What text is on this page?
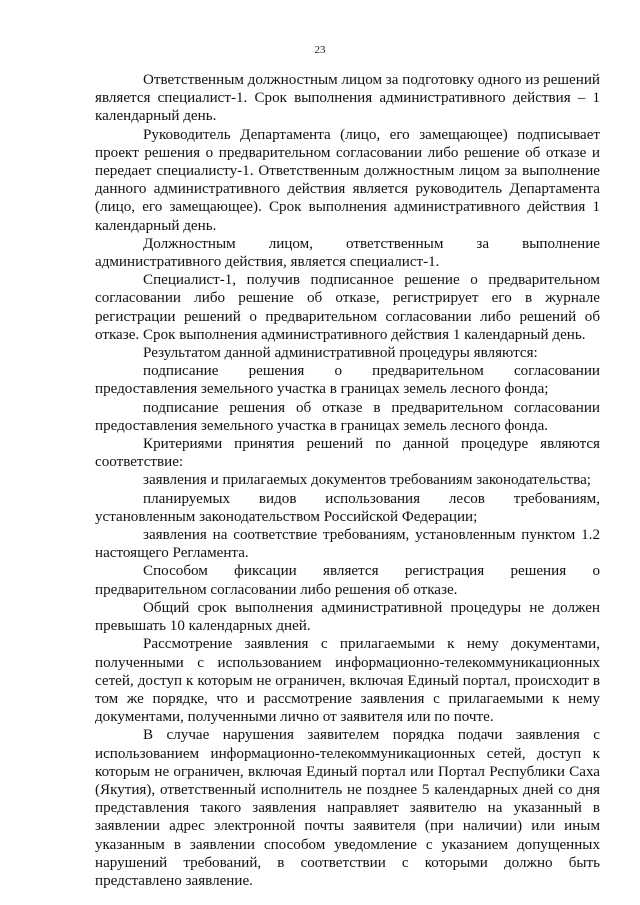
23

Ответственным должностным лицом за подготовку одного из решений является специалист-1. Срок выполнения административного действия – 1 календарный день.

Руководитель Департамента (лицо, его замещающее) подписывает проект решения о предварительном согласовании либо решение об отказе и передает специалисту-1. Ответственным должностным лицом за выполнение данного административного действия является руководитель Департамента (лицо, его замещающее). Срок выполнения административного действия 1 календарный день.

Должностным лицом, ответственным за выполнение административного действия, является специалист-1.

Специалист-1, получив подписанное решение о предварительном согласовании либо решение об отказе, регистрирует его в журнале регистрации решений о предварительном согласовании либо решений об отказе. Срок выполнения административного действия 1 календарный день.

Результатом данной административной процедуры являются:

подписание решения о предварительном согласовании предоставления земельного участка в границах земель лесного фонда;

подписание решения об отказе в предварительном согласовании предоставления земельного участка в границах земель лесного фонда.

Критериями принятия решений по данной процедуре являются соответствие:

заявления и прилагаемых документов требованиям законодательства;

планируемых видов использования лесов требованиям, установленным законодательством Российской Федерации;

заявления на соответствие требованиям, установленным пунктом 1.2 настоящего Регламента.

Способом фиксации является регистрация решения о предварительном согласовании либо решения об отказе.

Общий срок выполнения административной процедуры не должен превышать 10 календарных дней.

Рассмотрение заявления с прилагаемыми к нему документами, полученными с использованием информационно-телекоммуникационных сетей, доступ к которым не ограничен, включая Единый портал, происходит в том же порядке, что и рассмотрение заявления с прилагаемыми к нему документами, полученными лично от заявителя или по почте.

В случае нарушения заявителем порядка подачи заявления с использованием информационно-телекоммуникационных сетей, доступ к которым не ограничен, включая Единый портал или Портал Республики Саха (Якутия), ответственный исполнитель не позднее 5 календарных дней со дня представления такого заявления направляет заявителю на указанный в заявлении адрес электронной почты заявителя (при наличии) или иным указанным в заявлении способом уведомление с указанием допущенных нарушений требований, в соответствии с которыми должно быть представлено заявление.
